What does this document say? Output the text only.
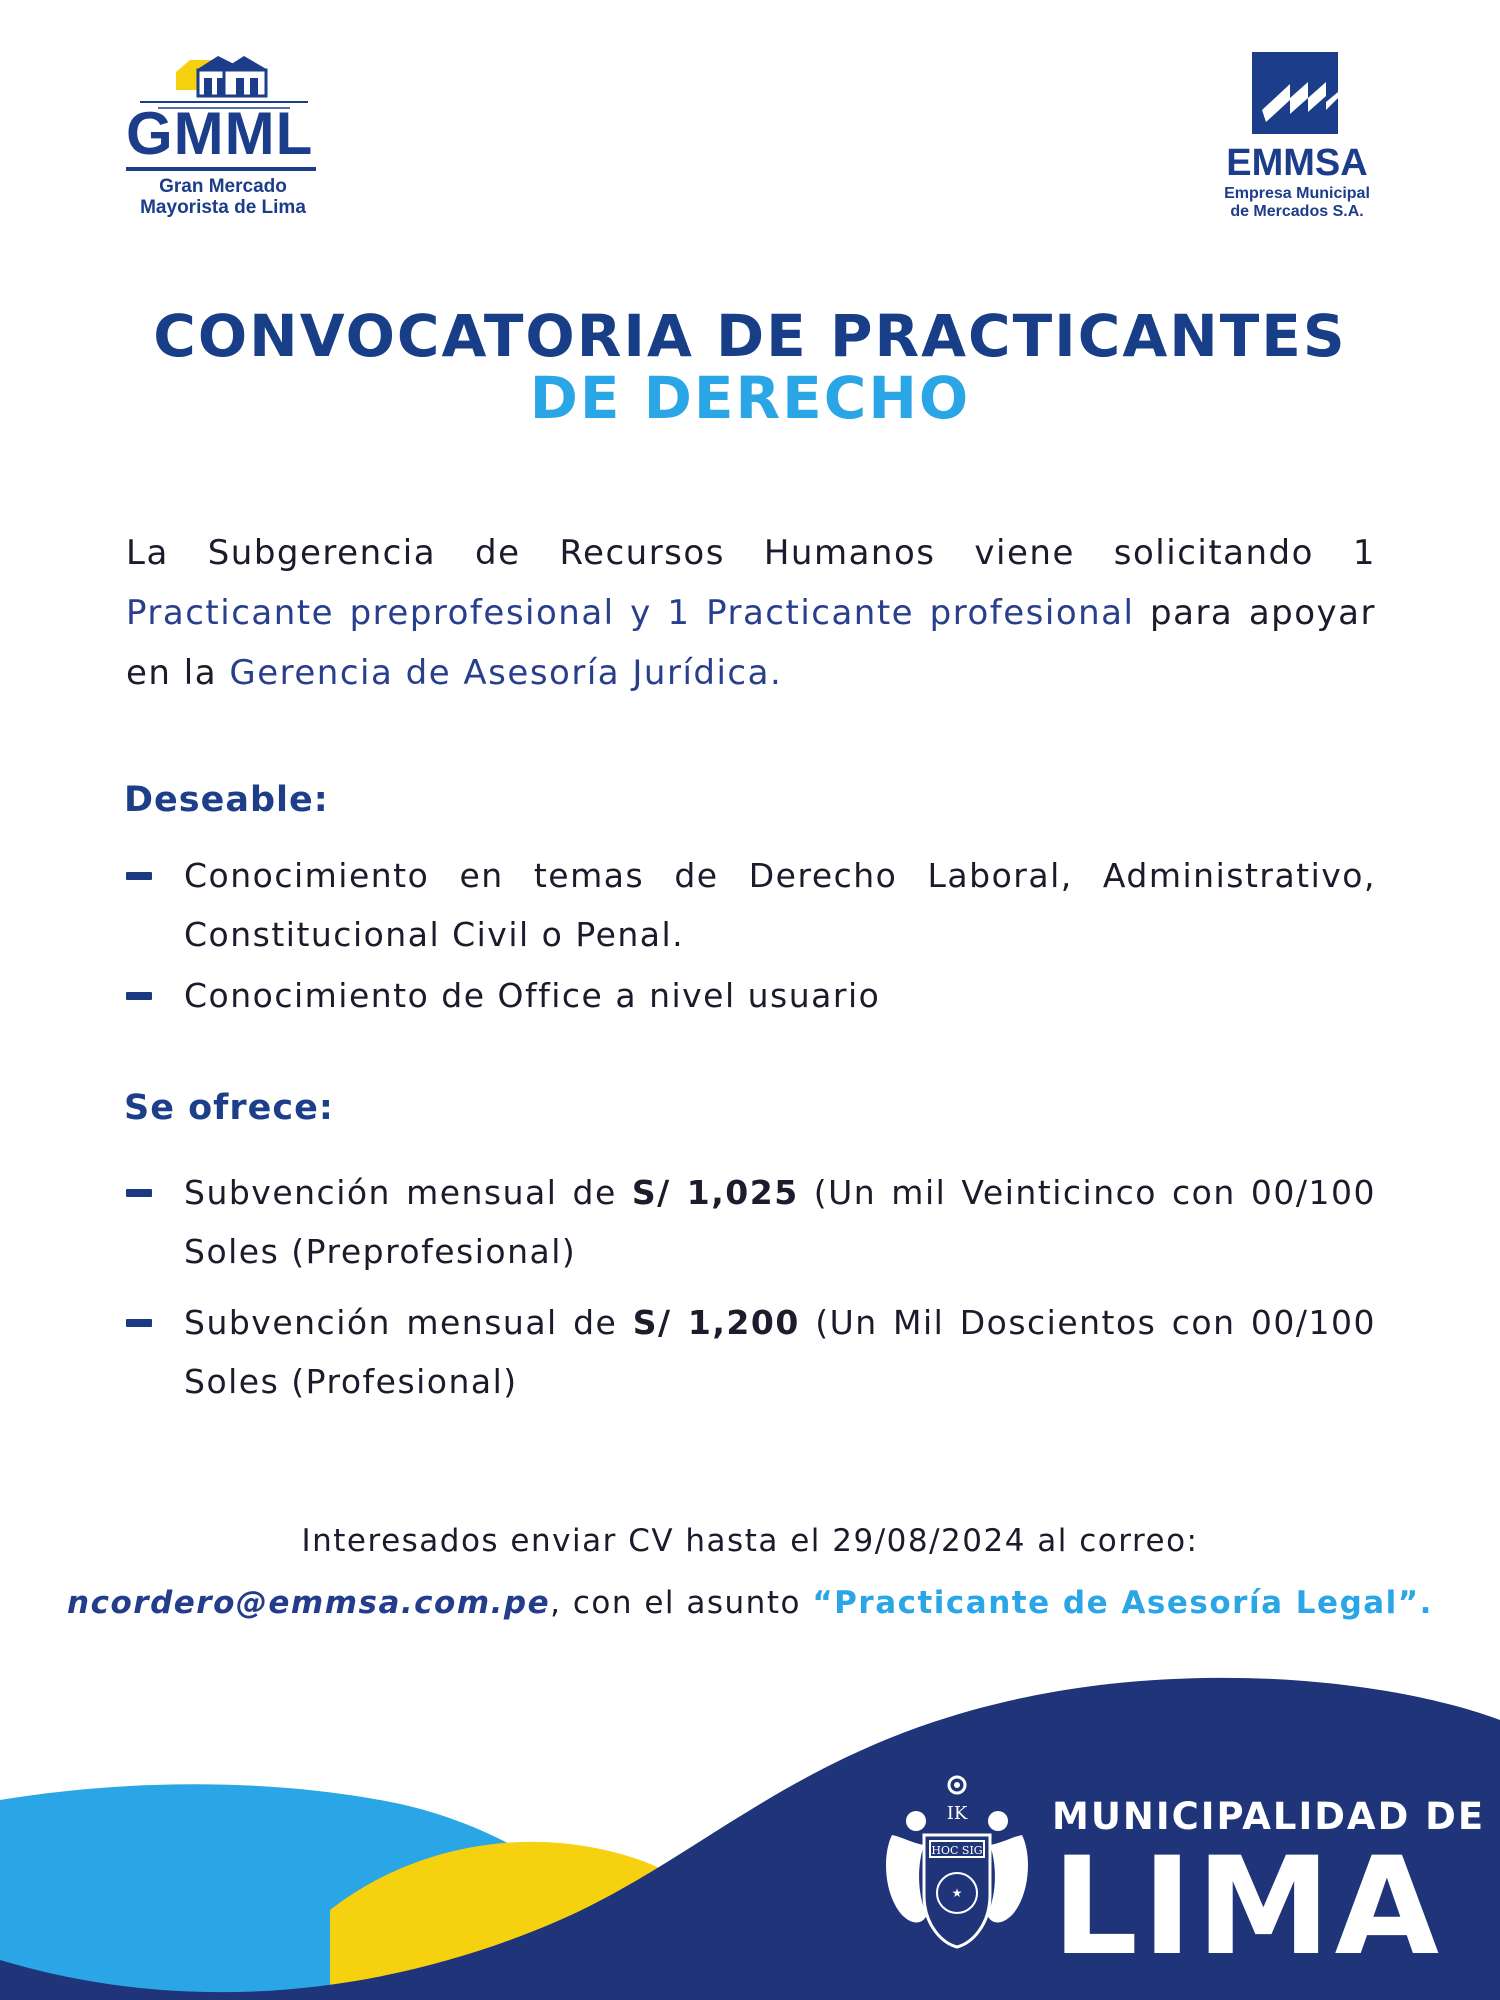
GMML
Gran Mercado
Mayorista de Lima
EMMSA
Empresa Municipal
de Mercados S.A.
CONVOCATORIA DE PRACTICANTES
DE DERECHO
La Subgerencia de Recursos Humanos viene solicitando 1 Practicante preprofesional y 1 Practicante profesional para apoyar en la Gerencia de Asesoría Jurídica.
Deseable:
Conocimiento en temas de Derecho Laboral, Administrativo, Constitucional Civil o Penal.
Conocimiento de Office a nivel usuario
Se ofrece:
Subvención mensual de S/ 1,025 (Un mil Veinticinco con 00/100 Soles (Preprofesional)
Subvención mensual de S/ 1,200 (Un Mil Doscientos con 00/100 Soles (Profesional)
Interesados enviar CV hasta el 29/08/2024 al correo:
ncordero@emmsa.com.pe, con el asunto “Practicante de Asesoría Legal”.
IK
HOC SIG
★
MUNICIPALIDAD DE
LIMA
